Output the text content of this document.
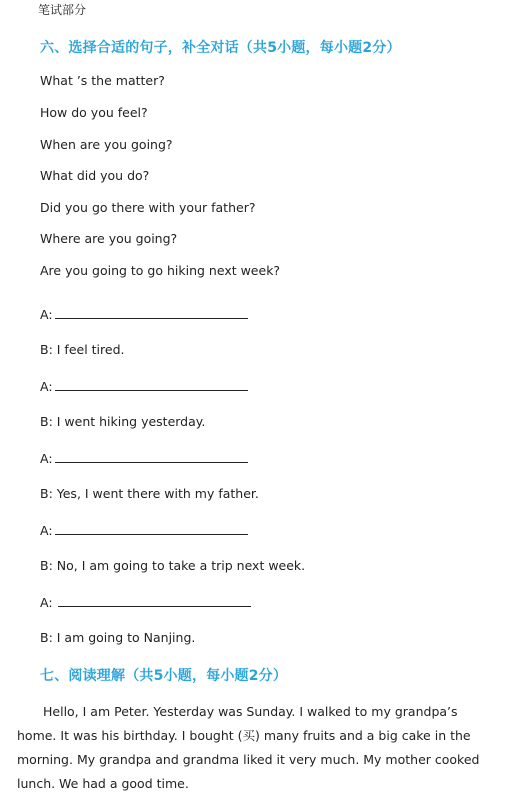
笔试部分
六、选择合适的句子，补全对话（共5小题，每小题2分）
What ’s the matter?
How do you feel?
When are you going?
What did you do?
Did you go there with your father?
Where are you going?
Are you going to go hiking next week?
A:
B: I feel tired.
A:
B: I went hiking yesterday.
A:
B: Yes, I went there with my father.
A:
B: No, I am going to take a trip next week.
A:
B: I am going to Nanjing.
七、阅读理解（共5小题，每小题2分）
Hello, I am Peter. Yesterday was Sunday. I walked to my grandpa’s home. It was his birthday. I bought (买) many fruits and a big cake in the morning. My grandpa and grandma liked it very much. My mother cooked lunch. We had a good time.
